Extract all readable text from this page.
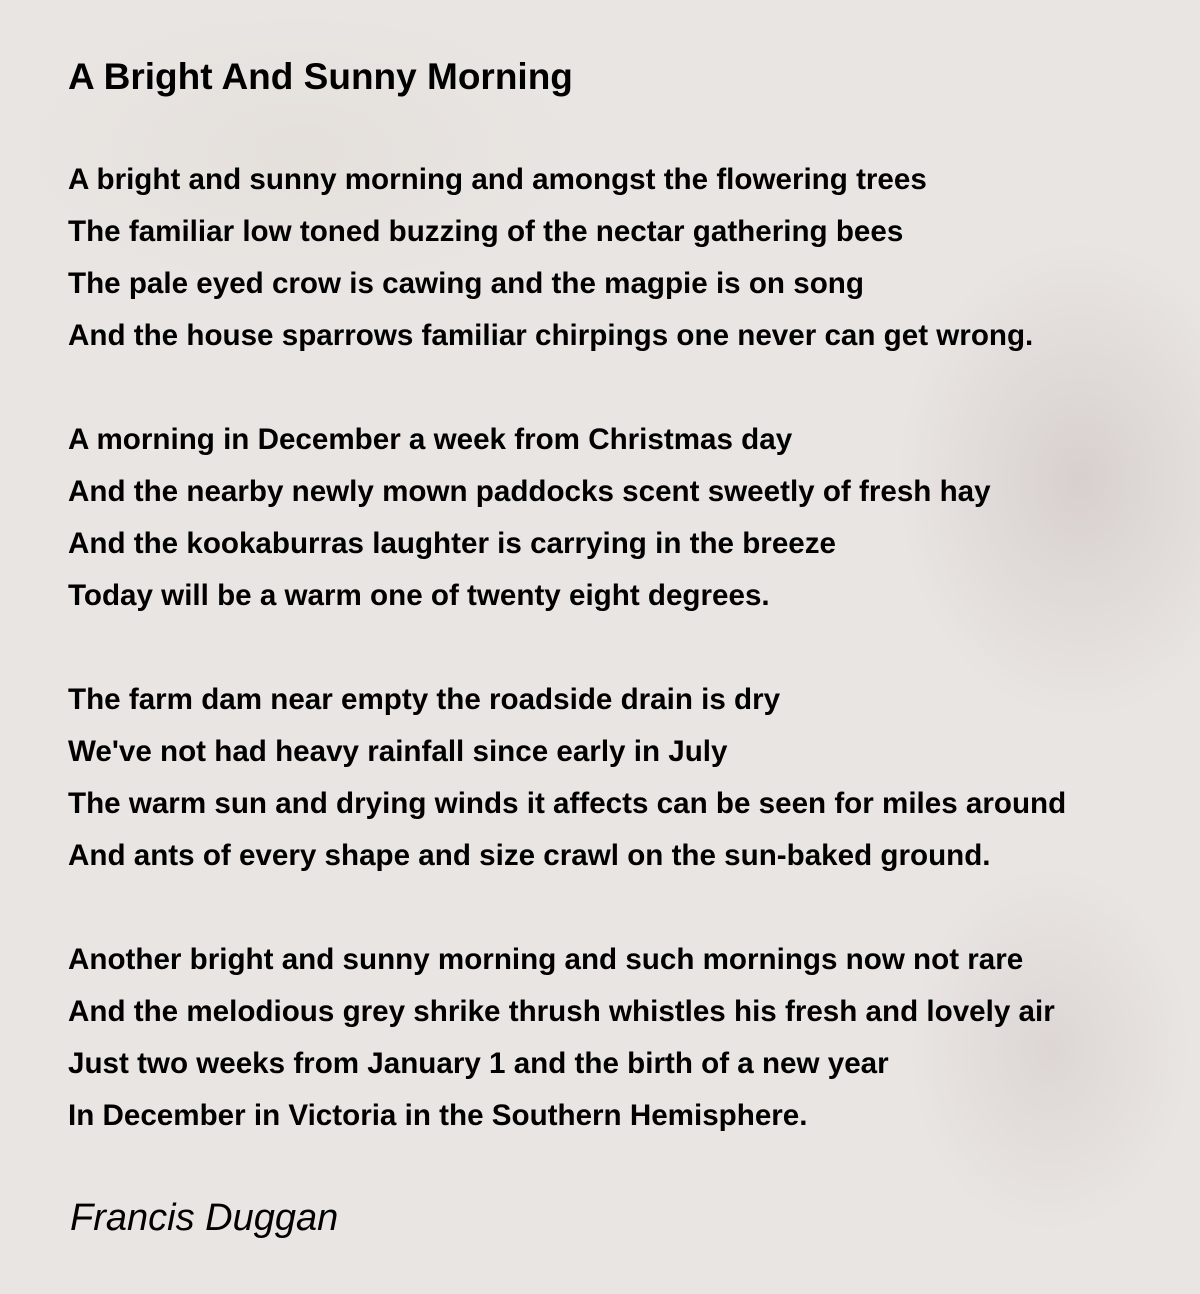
A Bright And Sunny Morning
A bright and sunny morning and amongst the flowering trees
The familiar low toned buzzing of the nectar gathering bees
The pale eyed crow is cawing and the magpie is on song
And the house sparrows familiar chirpings one never can get wrong.
A morning in December a week from Christmas day
And the nearby newly mown paddocks scent sweetly of fresh hay
And the kookaburras laughter is carrying in the breeze
Today will be a warm one of twenty eight degrees.
The farm dam near empty the roadside drain is dry
We've not had heavy rainfall since early in July
The warm sun and drying winds it affects can be seen for miles around
And ants of every shape and size crawl on the sun-baked ground.
Another bright and sunny morning and such mornings now not rare
And the melodious grey shrike thrush whistles his fresh and lovely air
Just two weeks from January 1 and the birth of a new year
In December in Victoria in the Southern Hemisphere.
Francis Duggan
